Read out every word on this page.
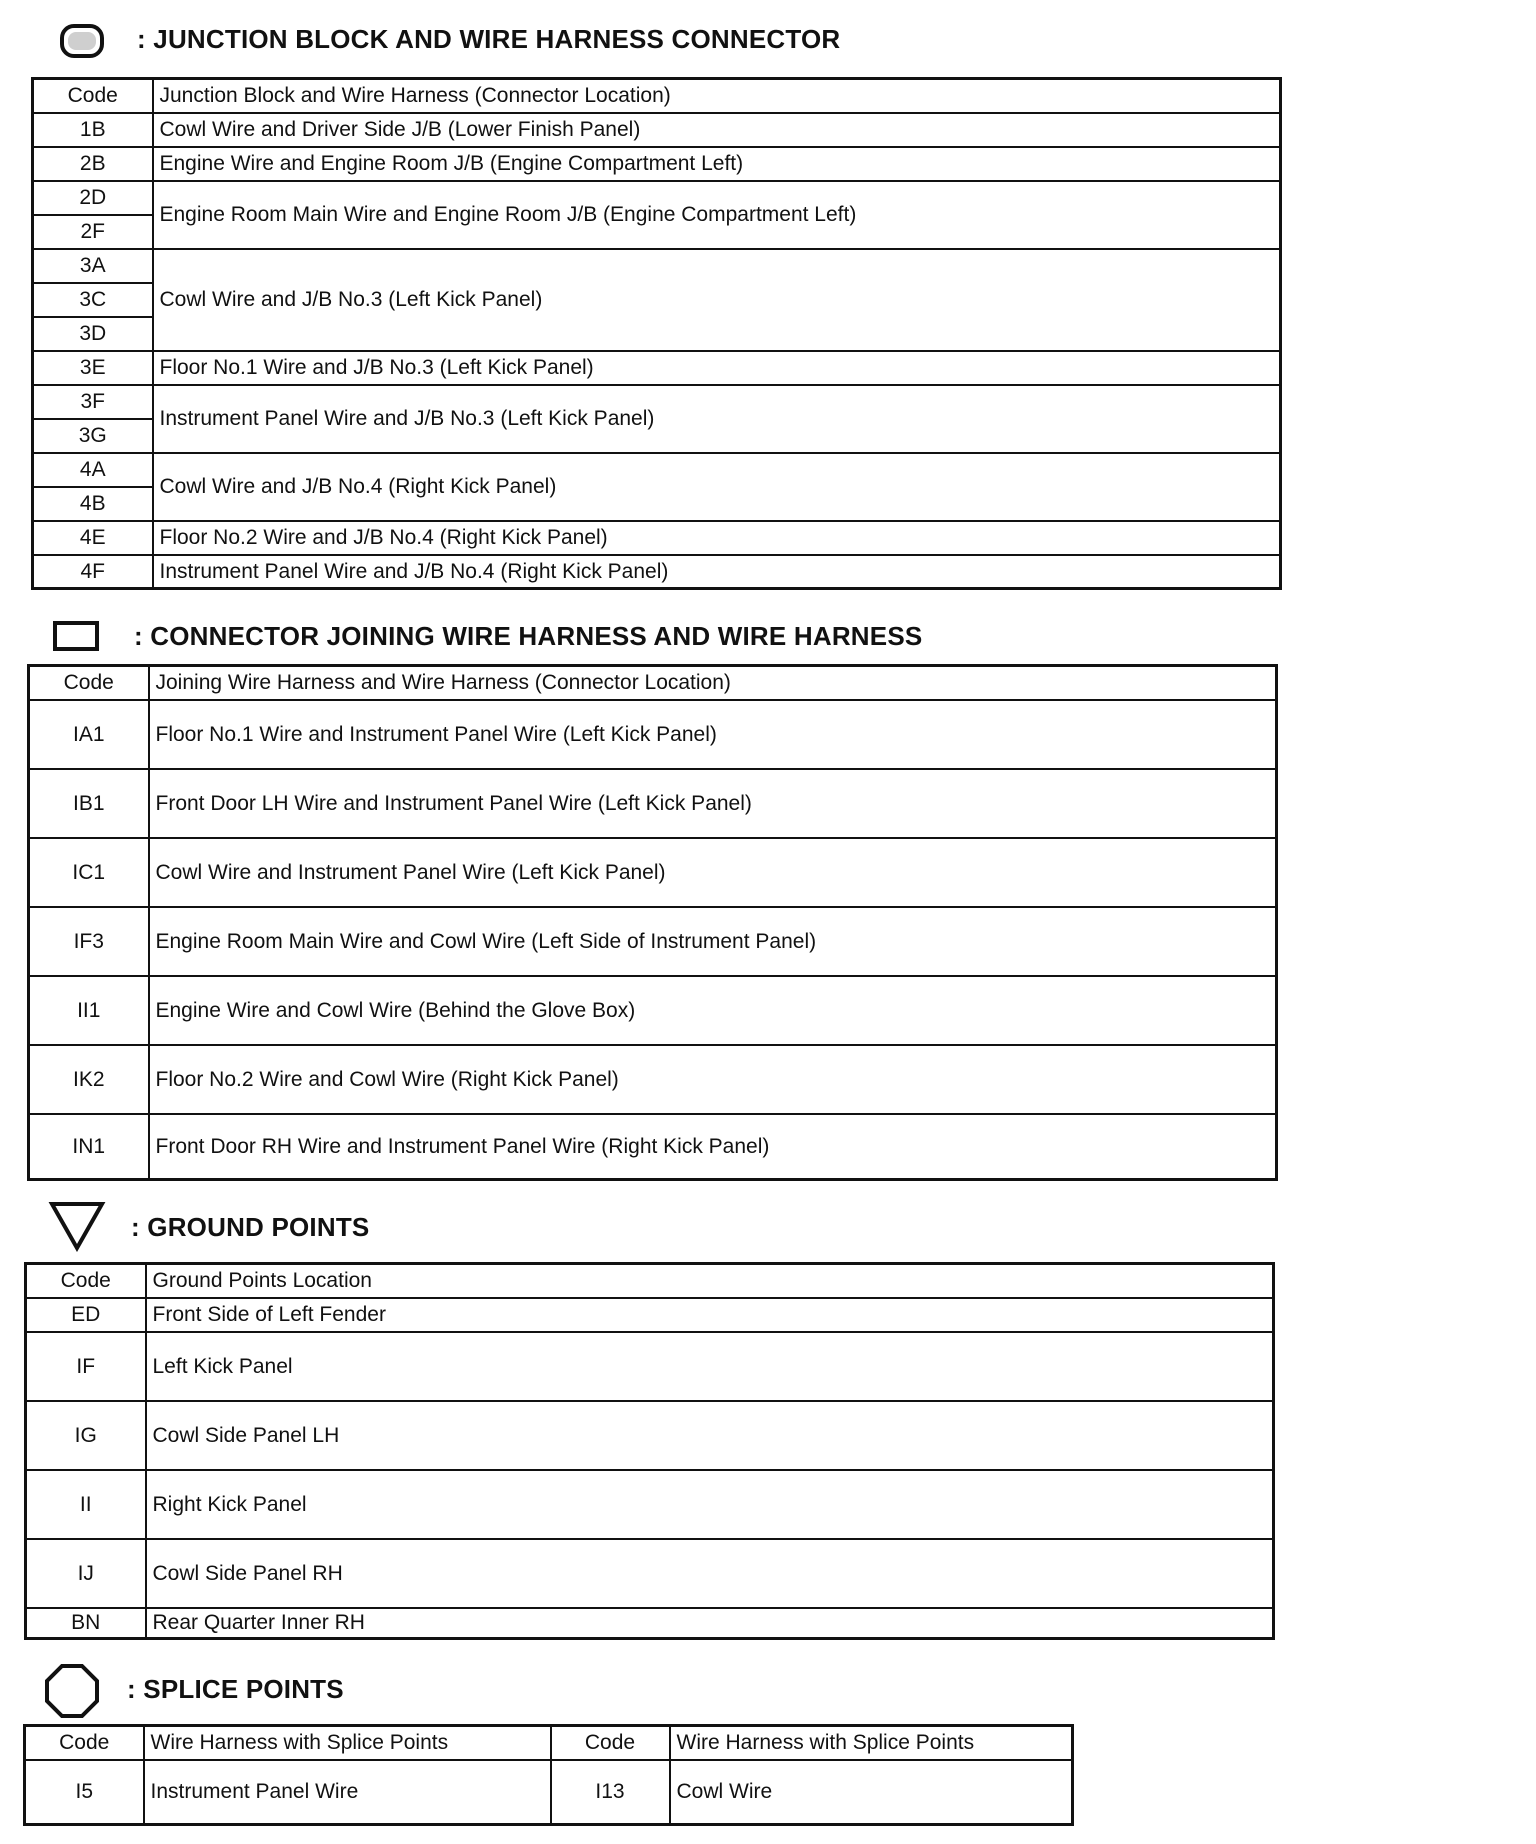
: JUNCTION BLOCK AND WIRE HARNESS CONNECTOR
Code	Junction Block and Wire Harness (Connector Location)
1B	Cowl Wire and Driver Side J/B (Lower Finish Panel)
2B	Engine Wire and Engine Room J/B (Engine Compartment Left)
2D	Engine Room Main Wire and Engine Room J/B (Engine Compartment Left)
2F	
3A	Cowl Wire and J/B No.3 (Left Kick Panel)
3C	
3D	
3E	Floor No.1 Wire and J/B No.3 (Left Kick Panel)
3F	Instrument Panel Wire and J/B No.3 (Left Kick Panel)
3G	
4A	Cowl Wire and J/B No.4 (Right Kick Panel)
4B	
4E	Floor No.2 Wire and J/B No.4 (Right Kick Panel)
4F	Instrument Panel Wire and J/B No.4 (Right Kick Panel)
: CONNECTOR JOINING WIRE HARNESS AND WIRE HARNESS
Code	Joining Wire Harness and Wire Harness (Connector Location)
IA1	Floor No.1 Wire and Instrument Panel Wire (Left Kick Panel)
IB1	Front Door LH Wire and Instrument Panel Wire (Left Kick Panel)
IC1	Cowl Wire and Instrument Panel Wire (Left Kick Panel)
IF3	Engine Room Main Wire and Cowl Wire (Left Side of Instrument Panel)
II1	Engine Wire and Cowl Wire (Behind the Glove Box)
IK2	Floor No.2 Wire and Cowl Wire (Right Kick Panel)
IN1	Front Door RH Wire and Instrument Panel Wire (Right Kick Panel)
: GROUND POINTS
Code	Ground Points Location
ED	Front Side of Left Fender
IF	Left Kick Panel
IG	Cowl Side Panel LH
II	Right Kick Panel
IJ	Cowl Side Panel RH
BN	Rear Quarter Inner RH
: SPLICE POINTS
Code	Wire Harness with Splice Points	Code	Wire Harness with Splice Points
I5	Instrument Panel Wire	I13	Cowl Wire
